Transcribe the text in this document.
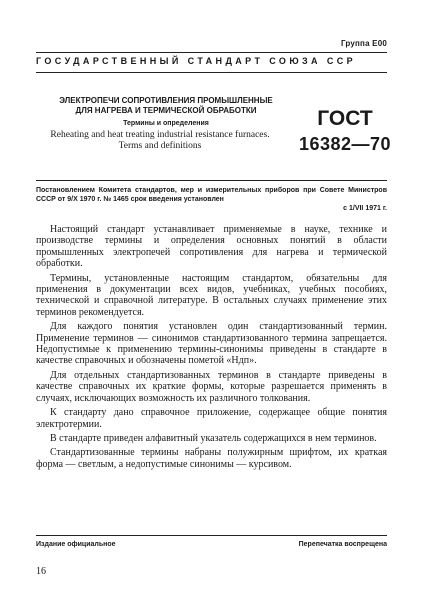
Группа Е00
ГОСУДАРСТВЕННЫЙ СТАНДАРТ СОЮЗА ССР
ЭЛЕКТРОПЕЧИ СОПРОТИВЛЕНИЯ ПРОМЫШЛЕННЫЕ
ДЛЯ НАГРЕВА И ТЕРМИЧЕСКОЙ ОБРАБОТКИ
Термины и определения
Reheating and heat treating industrial resistance furnaces.
Terms and definitions
ГОСТ
16382—70
Постановлением Комитета стандартов, мер и измерительных приборов при Совете Министров СССР от 9/X 1970 г. № 1465 срок введения установлен
с 1/VII 1971 г.

Настоящий стандарт устанавливает применяемые в науке, технике и производстве термины и определения основных понятий в области промышленных электропечей сопротивления для нагрева и термической обработки.

Термины, установленные настоящим стандартом, обязательны для применения в документации всех видов, учебниках, учебных пособиях, технической и справочной литературе. В остальных случаях применение этих терминов рекомендуется.

Для каждого понятия установлен один стандартизованный термин. Применение терминов — синонимов стандартизованного термина запрещается. Недопустимые к применению термины-синонимы приведены в стандарте в качестве справочных и обозначены пометой «Ндп».

Для отдельных стандартизованных терминов в стандарте приведены в качестве справочных их краткие формы, которые разрешается применять в случаях, исключающих возможность их различного толкования.

К стандарту дано справочное приложение, содержащее общие понятия электротермии.

В стандарте приведен алфавитный указатель содержащихся в нем терминов.

Стандартизованные термины набраны полужирным шрифтом, их краткая форма — светлым, а недопустимые синонимы — курсивом.

Издание официальное	Перепечатка воспрещена
16
